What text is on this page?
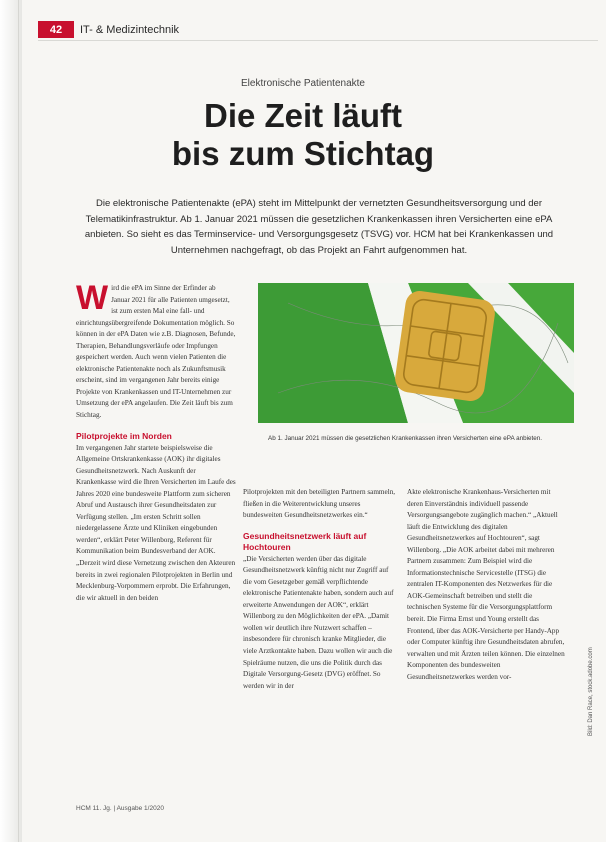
42	IT- & Medizintechnik
Elektronische Patientenakte
Die Zeit läuft
bis zum Stichtag
Die elektronische Patientenakte (ePA) steht im Mittelpunkt der vernetzten Gesundheitsversorgung und der Telematikinfrastruktur. Ab 1. Januar 2021 müssen die gesetzlichen Krankenkassen ihren Versicherten eine ePA anbieten. So sieht es das Terminservice- und Versorgungsgesetz (TSVG) vor. HCM hat bei Krankenkassen und Unternehmen nachgefragt, ob das Projekt an Fahrt aufgenommen hat.
W ird die ePA im Sinne der Erfinder ab Januar 2021 für alle Patienten umgesetzt, ist zum ersten Mal eine fall- und einrichtungsübergreifende Dokumentation möglich. So können in der ePA Daten wie z.B. Diagnosen, Befunde, Therapien, Behandlungsverläufe oder Impfungen gespeichert werden. Auch wenn vielen Patienten die elektronische Patientenakte noch als Zukunftsmusik erscheint, sind im vergangenen Jahr bereits einige Projekte von Krankenkassen und IT-Unternehmen zur Umsetzung der ePA angelaufen. Die Zeit läuft bis zum Stichtag.

Pilotprojekte im Norden

Im vergangenen Jahr startete beispielsweise die Allgemeine Ortskrankenkasse (AOK) ihr digitales Gesundheitsnetzwerk. Nach Auskunft der Krankenkasse wird die Ihren Versicherten im Laufe des Jahres 2020 eine bundesweite Plattform zum sicheren Abruf und Austausch ihrer Gesundheitsdaten zur Verfügung stellen. „Im ersten Schritt sollen niedergelassene Ärzte und Kliniken eingebunden werden“, erklärt Peter Willenborg, Referent für Kommunikation beim Bundesverband der AOK. „Derzeit wird diese Vernetzung zwischen den Akteuren bereits in zwei regionalen Pilotprojekten in Berlin und Mecklenburg-Vorpommern erprobt. Die Erfahrungen, die wir aktuell in den beiden

Ab 1. Januar 2021 müssen die gesetzlichen Krankenkassen ihren Versicherten eine ePA anbieten.

Pilotprojekten mit den beteiligten Partnern sammeln, fließen in die Weiterentwicklung unseres bundesweiten Gesundheitsnetzwerkes ein.“

Gesundheitsnetzwerk läuft auf Hochtouren

„Die Versicherten werden über das digitale Gesundheitsnetzwerk künftig nicht nur Zugriff auf die vom Gesetzgeber gemäß verpflichtende elektronische Patientenakte haben, sondern auch auf erweiterte Anwendungen der AOK“, erklärt Willenborg zu den Möglichkeiten der ePA. „Damit wollen wir deutlich ihre Nutzwert schaffen – insbesondere für chronisch kranke Mitglieder, die viele Arztkontakte haben. Dazu wollen wir auch die Spielräume nutzen, die uns die Politik durch das Digitale Versorgung-Gesetz (DVG) eröffnet. So werden wir in der

Akte elektronische Krankenhaus-Versicherten mit deren Einverständnis individuell passende Versorgungsangebote zugänglich machen.“ „Aktuell läuft die Entwicklung des digitalen Gesundheitsnetzwerkes auf Hochtouren“, sagt Willenborg. „Die AOK arbeitet dabei mit mehreren Partnern zusammen: Zum Beispiel wird die Informationstechnische Servicestelle (ITSG) die zentralen IT-Komponenten des Netzwerkes für die AOK-Gemeinschaft betreiben und stellt die technischen Systeme für die Versorgungsplattform bereit. Die Firma Ernst und Young erstellt das Frontend, über das AOK-Versicherte per Handy-App oder Computer künftig ihre Gesundheitsdaten abrufen, verwalten und mit Ärzten teilen können. Die einzelnen Komponenten des bundesweiten Gesundheitsnetzwerkes werden vor-	Bild: Dan Race, stock.adobe.com
HCM 11. Jg. | Ausgabe 1/2020
